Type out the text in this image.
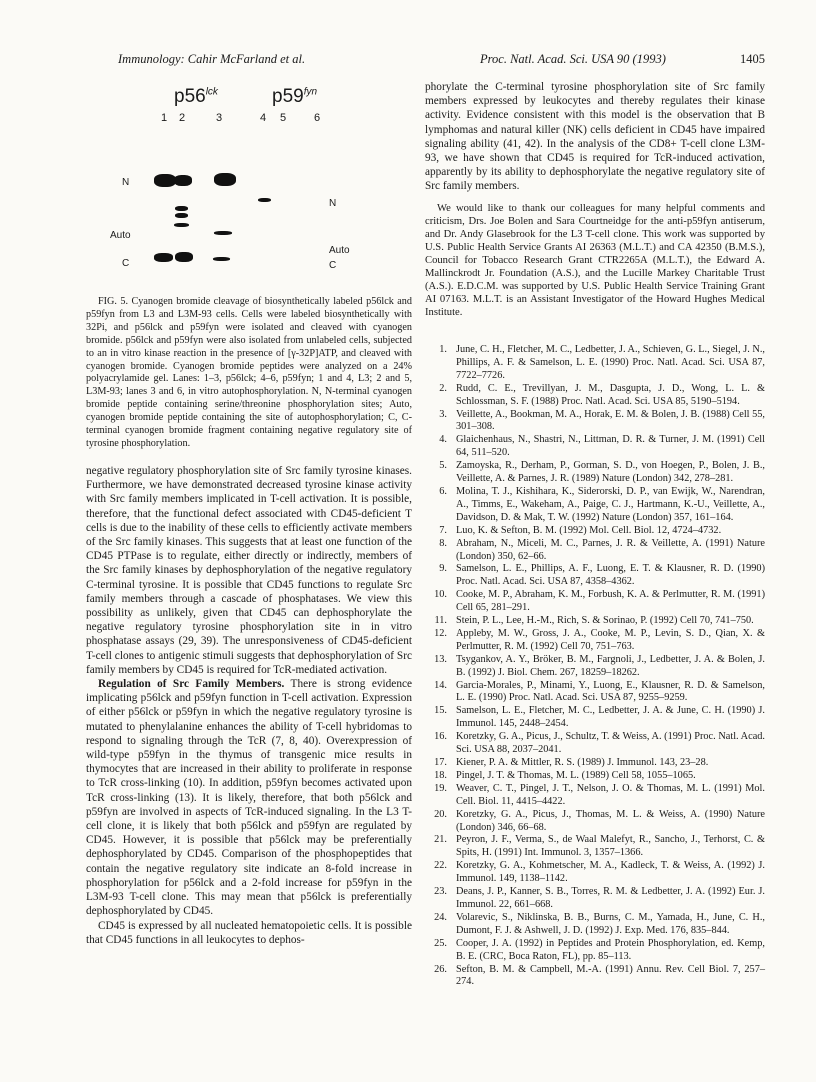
Immunology: Cahir McFarland et al.	Proc. Natl. Acad. Sci. USA 90 (1993)	1405
$p56^{lck}$	$p59^{fyn}$
1 2	3	4 5	6
N
Auto
C
N
Auto
C

FIG. 5. Cyanogen bromide cleavage of biosynthetically labeled p56lck and p59fyn from L3 and L3M-93 cells. Cells were labeled biosynthetically with 32Pi, and p56lck and p59fyn were isolated and cleaved with cyanogen bromide. p56lck and p59fyn were also isolated from unlabeled cells, subjected to an in vitro kinase reaction in the presence of [γ-32P]ATP, and cleaved with cyanogen bromide. Cyanogen bromide peptides were analyzed on a 24% polyacrylamide gel. Lanes: 1–3, p56lck; 4–6, p59fyn; 1 and 4, L3; 2 and 5, L3M-93; lanes 3 and 6, in vitro autophosphorylation. N, N-terminal cyanogen bromide peptide containing serine/threonine phosphorylation sites; Auto, cyanogen bromide peptide containing the site of autophosphorylation; C, C-terminal cyanogen bromide fragment containing negative regulatory site of tyrosine phosphorylation.

negative regulatory phosphorylation site of Src family tyrosine kinases. Furthermore, we have demonstrated decreased tyrosine kinase activity with Src family members implicated in T-cell activation. It is possible, therefore, that the functional defect associated with CD45-deficient T cells is due to the inability of these cells to efficiently activate members of the Src family kinases. This suggests that at least one function of the CD45 PTPase is to regulate, either directly or indirectly, members of the Src family kinases by dephosphorylation of the negative regulatory C-terminal tyrosine. It is possible that CD45 functions to regulate Src family members through a cascade of phosphatases. We view this possibility as unlikely, given that CD45 can dephosphorylate the negative regulatory tyrosine phosphorylation site in in vitro phosphatase assays (29, 39). The unresponsiveness of CD45-deficient T-cell clones to antigenic stimuli suggests that dephosphorylation of Src family members by CD45 is required for TcR-mediated activation.

Regulation of Src Family Members. There is strong evidence implicating p56lck and p59fyn function in T-cell activation. Expression of either p56lck or p59fyn in which the negative regulatory tyrosine is mutated to phenylalanine enhances the ability of T-cell hybridomas to respond to signaling through the TcR (7, 8, 40). Overexpression of wild-type p59fyn in the thymus of transgenic mice results in thymocytes that are increased in their ability to proliferate in response to TcR cross-linking (10). In addition, p59fyn becomes activated upon TcR cross-linking (13). It is likely, therefore, that both p56lck and p59fyn are involved in aspects of TcR-induced signaling. In the L3 T-cell clone, it is likely that both p56lck and p59fyn are regulated by CD45. However, it is possible that p56lck may be preferentially dephosphorylated by CD45. Comparison of the phosphopeptides that contain the negative regulatory site indicate an 8-fold increase in phosphorylation for p56lck and a 2-fold increase for p59fyn in the L3M-93 T-cell clone. This may mean that p56lck is preferentially dephosphorylated by CD45.

CD45 is expressed by all nucleated hematopoietic cells. It is possible that CD45 functions in all leukocytes to dephos-

phorylate the C-terminal tyrosine phosphorylation site of Src family members expressed by leukocytes and thereby regulates their kinase activity. Evidence consistent with this model is the observation that B lymphomas and natural killer (NK) cells deficient in CD45 have impaired signaling ability (41, 42). In the analysis of the CD8+ T-cell clone L3M-93, we have shown that CD45 is required for TcR-induced activation, apparently by its ability to dephosphorylate the negative regulatory site of Src family members.

We would like to thank our colleagues for many helpful comments and criticism, Drs. Joe Bolen and Sara Courtneidge for the anti-p59fyn antiserum, and Dr. Andy Glasebrook for the L3 T-cell clone. This work was supported by U.S. Public Health Service Grants AI 26363 (M.L.T.) and CA 42350 (B.M.S.), Council for Tobacco Research Grant CTR2265A (M.L.T.), the Edward A. Mallinckrodt Jr. Foundation (A.S.), and the Lucille Markey Charitable Trust (A.S.). E.D.C.M. was supported by U.S. Public Health Service Training Grant AI 07163. M.L.T. is an Assistant Investigator of the Howard Hughes Medical Institute.

1. June, C. H., Fletcher, M. C., Ledbetter, J. A., Schieven, G. L., Siegel, J. N., Phillips, A. F. & Samelson, L. E. (1990) Proc. Natl. Acad. Sci. USA 87, 7722–7726.
2. Rudd, C. E., Trevillyan, J. M., Dasgupta, J. D., Wong, L. L. & Schlossman, S. F. (1988) Proc. Natl. Acad. Sci. USA 85, 5190–5194.
3. Veillette, A., Bookman, M. A., Horak, E. M. & Bolen, J. B. (1988) Cell 55, 301–308.
4. Glaichenhaus, N., Shastri, N., Littman, D. R. & Turner, J. M. (1991) Cell 64, 511–520.
5. Zamoyska, R., Derham, P., Gorman, S. D., von Hoegen, P., Bolen, J. B., Veillette, A. & Parnes, J. R. (1989) Nature (London) 342, 278–281.
6. Molina, T. J., Kishihara, K., Siderorski, D. P., van Ewijk, W., Narendran, A., Timms, E., Wakeham, A., Paige, C. J., Hartmann, K.-U., Veillette, A., Davidson, D. & Mak, T. W. (1992) Nature (London) 357, 161–164.
7. Luo, K. & Sefton, B. M. (1992) Mol. Cell. Biol. 12, 4724–4732.
8. Abraham, N., Miceli, M. C., Parnes, J. R. & Veillette, A. (1991) Nature (London) 350, 62–66.
9. Samelson, L. E., Phillips, A. F., Luong, E. T. & Klausner, R. D. (1990) Proc. Natl. Acad. Sci. USA 87, 4358–4362.
10. Cooke, M. P., Abraham, K. M., Forbush, K. A. & Perlmutter, R. M. (1991) Cell 65, 281–291.
11. Stein, P. L., Lee, H.-M., Rich, S. & Sorinao, P. (1992) Cell 70, 741–750.
12. Appleby, M. W., Gross, J. A., Cooke, M. P., Levin, S. D., Qian, X. & Perlmutter, R. M. (1992) Cell 70, 751–763.
13. Tsygankov, A. Y., Bröker, B. M., Fargnoli, J., Ledbetter, J. A. & Bolen, J. B. (1992) J. Biol. Chem. 267, 18259–18262.
14. Garcia-Morales, P., Minami, Y., Luong, E., Klausner, R. D. & Samelson, L. E. (1990) Proc. Natl. Acad. Sci. USA 87, 9255–9259.
15. Samelson, L. E., Fletcher, M. C., Ledbetter, J. A. & June, C. H. (1990) J. Immunol. 145, 2448–2454.
16. Koretzky, G. A., Picus, J., Schultz, T. & Weiss, A. (1991) Proc. Natl. Acad. Sci. USA 88, 2037–2041.
17. Kiener, P. A. & Mittler, R. S. (1989) J. Immunol. 143, 23–28.
18. Pingel, J. T. & Thomas, M. L. (1989) Cell 58, 1055–1065.
19. Weaver, C. T., Pingel, J. T., Nelson, J. O. & Thomas, M. L. (1991) Mol. Cell. Biol. 11, 4415–4422.
20. Koretzky, G. A., Picus, J., Thomas, M. L. & Weiss, A. (1990) Nature (London) 346, 66–68.
21. Peyron, J. F., Verma, S., de Waal Malefyt, R., Sancho, J., Terhorst, C. & Spits, H. (1991) Int. Immunol. 3, 1357–1366.
22. Koretzky, G. A., Kohmetscher, M. A., Kadleck, T. & Weiss, A. (1992) J. Immunol. 149, 1138–1142.
23. Deans, J. P., Kanner, S. B., Torres, R. M. & Ledbetter, J. A. (1992) Eur. J. Immunol. 22, 661–668.
24. Volarevic, S., Niklinska, B. B., Burns, C. M., Yamada, H., June, C. H., Dumont, F. J. & Ashwell, J. D. (1992) J. Exp. Med. 176, 835–844.
25. Cooper, J. A. (1992) in Peptides and Protein Phosphorylation, ed. Kemp, B. E. (CRC, Boca Raton, FL), pp. 85–113.
26. Sefton, B. M. & Campbell, M.-A. (1991) Annu. Rev. Cell Biol. 7, 257–274.
